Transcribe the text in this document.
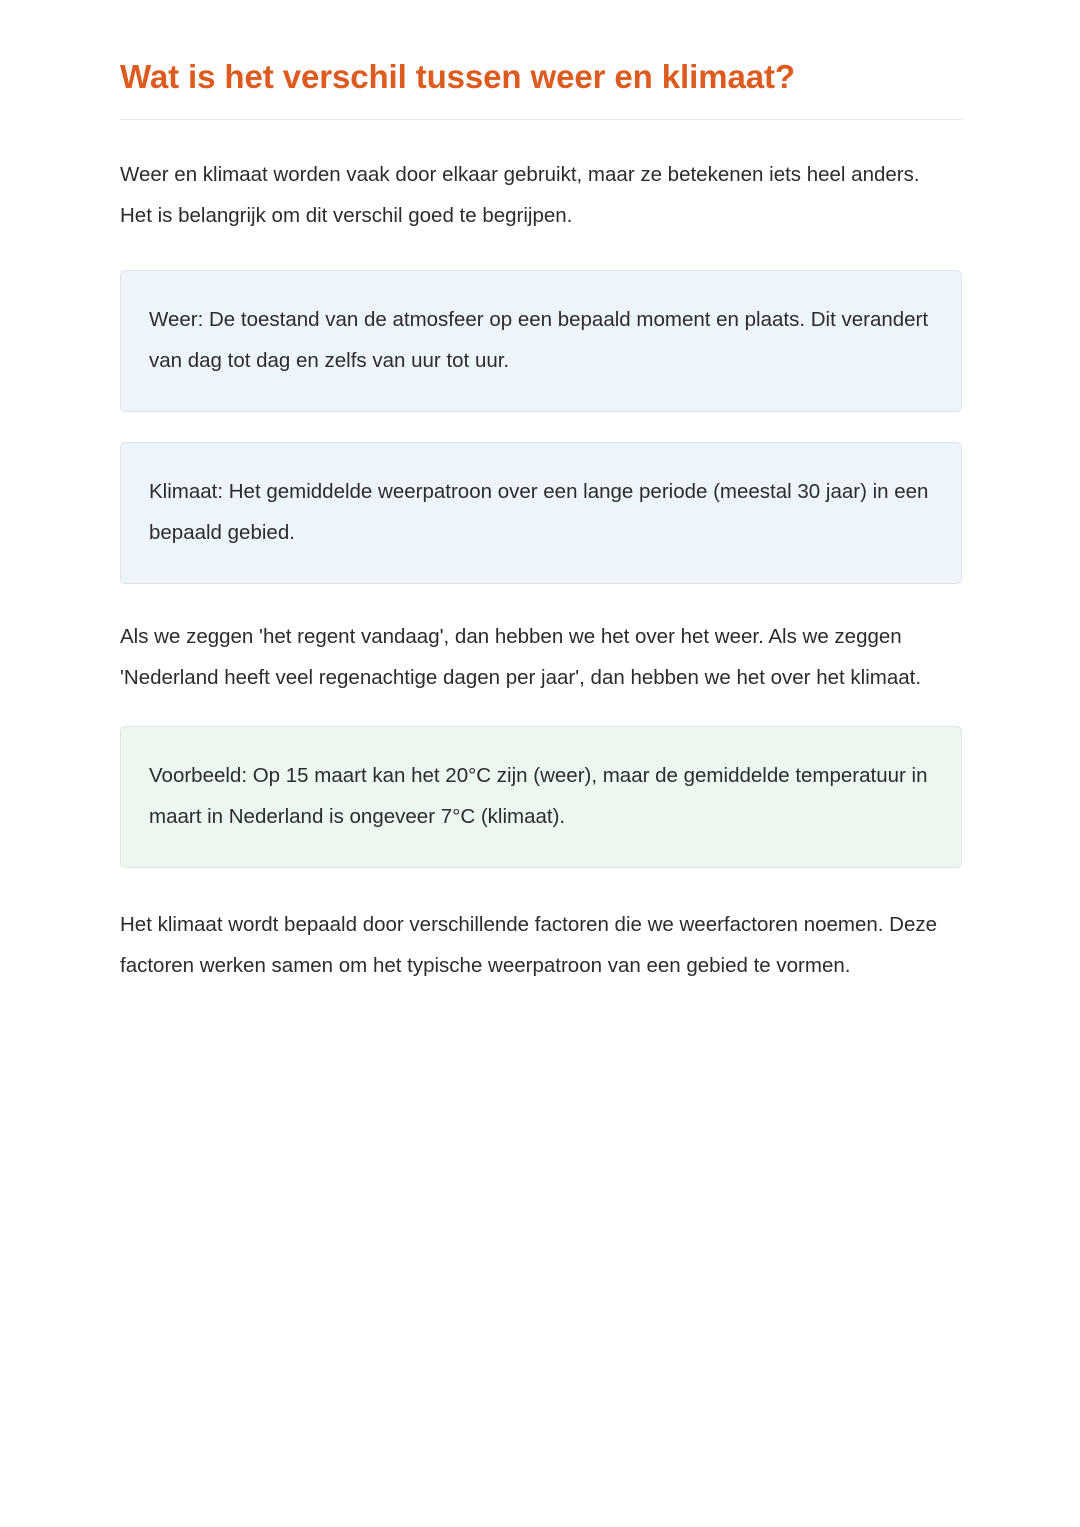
Wat is het verschil tussen weer en klimaat?

Weer en klimaat worden vaak door elkaar gebruikt, maar ze betekenen iets heel anders. Het is belangrijk om dit verschil goed te begrijpen.

Weer: De toestand van de atmosfeer op een bepaald moment en plaats. Dit verandert van dag tot dag en zelfs van uur tot uur.

Klimaat: Het gemiddelde weerpatroon over een lange periode (meestal 30 jaar) in een bepaald gebied.

Als we zeggen 'het regent vandaag', dan hebben we het over het weer. Als we zeggen 'Nederland heeft veel regenachtige dagen per jaar', dan hebben we het over het klimaat.

Voorbeeld: Op 15 maart kan het 20°C zijn (weer), maar de gemiddelde temperatuur in maart in Nederland is ongeveer 7°C (klimaat).

Het klimaat wordt bepaald door verschillende factoren die we weerfactoren noemen. Deze factoren werken samen om het typische weerpatroon van een gebied te vormen.
